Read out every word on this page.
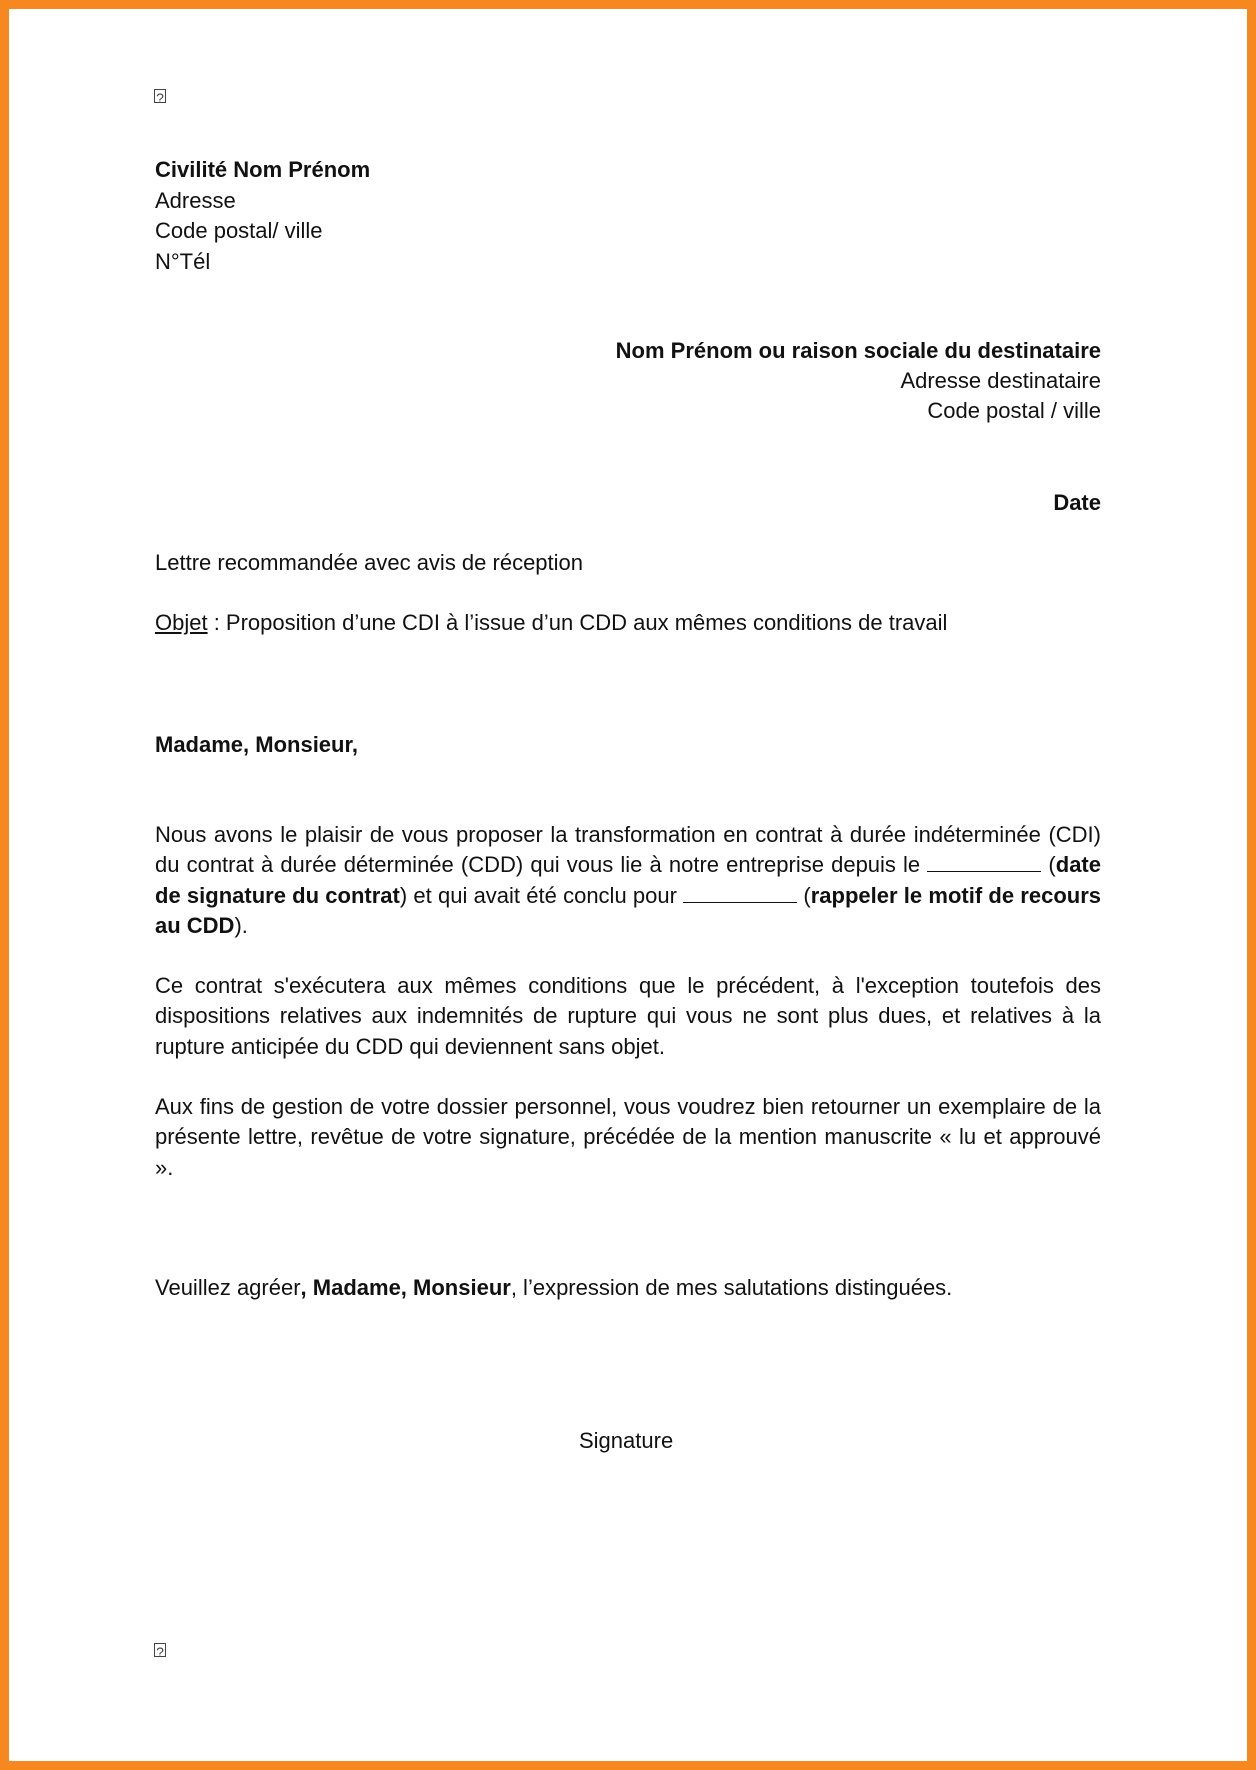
?
Civilité Nom Prénom
Adresse
Code postal/ ville
N°Tél
Nom Prénom ou raison sociale du destinataire
Adresse destinataire
Code postal / ville
Date
Lettre recommandée avec avis de réception
Objet : Proposition d’une CDI à l’issue d’un CDD aux mêmes conditions de travail
Madame, Monsieur,
Nous avons le plaisir de vous proposer la transformation en contrat à durée indéterminée (CDI) du contrat à durée déterminée (CDD) qui vous lie à notre entreprise depuis le	(date de signature du contrat) et qui avait été conclu pour	(rappeler le motif de recours au CDD).
Ce contrat s'exécutera aux mêmes conditions que le précédent, à l'exception toutefois des dispositions relatives aux indemnités de rupture qui vous ne sont plus dues, et relatives à la rupture anticipée du CDD qui deviennent sans objet.
Aux fins de gestion de votre dossier personnel, vous voudrez bien retourner un exemplaire de la présente lettre, revêtue de votre signature, précédée de la mention manuscrite « lu et approuvé ».
Veuillez agréer, Madame, Monsieur, l’expression de mes salutations distinguées.
Signature
?
